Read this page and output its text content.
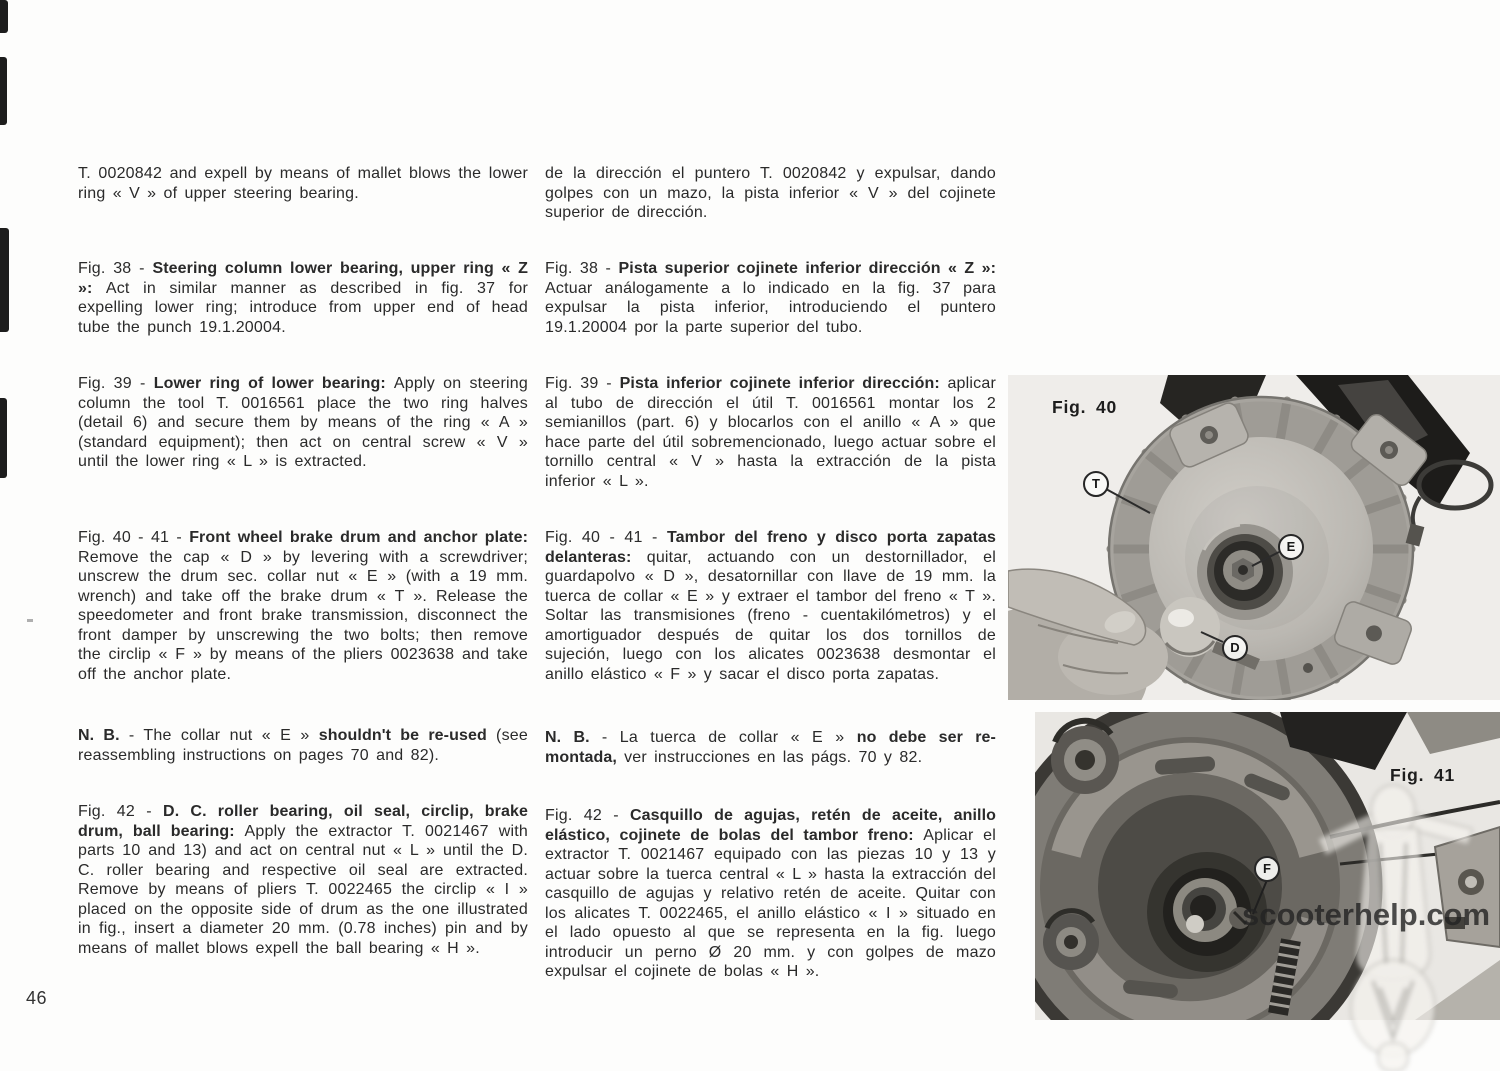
T. 0020842 and expell by means of mallet blows the lower ring « V » of upper steering bearing.

Fig. 38 - Steering column lower bearing, upper ring « Z »: Act in similar manner as described in fig. 37 for expelling lower ring; introduce from upper end of head tube the punch 19.1.20004.

Fig. 39 - Lower ring of lower bearing: Apply on steering column the tool T. 0016561 place the two ring halves (detail 6) and secure them by means of the ring « A » (standard equipment); then act on central screw « V » until the lower ring « L » is extracted.

Fig. 40 - 41 - Front wheel brake drum and anchor plate: Remove the cap « D » by levering with a screwdriver; unscrew the drum sec. collar nut « E » (with a 19 mm. wrench) and take off the brake drum « T ». Release the speedometer and front brake transmission, disconnect the front damper by unscrewing the two bolts; then remove the circlip « F » by means of the pliers 0023638 and take off the anchor plate.

N. B. - The collar nut « E » shouldn't be re-used (see reassembling instructions on pages 70 and 82).

Fig. 42 - D. C. roller bearing, oil seal, circlip, brake drum, ball bearing: Apply the extractor T. 0021467 with parts 10 and 13) and act on central nut « L » until the D. C. roller bearing and respective oil seal are extracted. Remove by means of pliers T. 0022465 the circlip « I » placed on the opposite side of drum as the one illustrated in fig., insert a diameter 20 mm. (0.78 inches) pin and by means of mallet blows expell the ball bearing « H ».

de la dirección el puntero T. 0020842 y expulsar, dando golpes con un mazo, la pista inferior « V » del cojinete superior de dirección.

Fig. 38 - Pista superior cojinete inferior dirección « Z »: Actuar análogamente a lo indicado en la fig. 37 para expulsar la pista inferior, introduciendo el puntero 19.1.20004 por la parte superior del tubo.

Fig. 39 - Pista inferior cojinete inferior dirección: aplicar al tubo de dirección el útil T. 0016561 montar los 2 semianillos (part. 6) y blocarlos con el anillo « A » que hace parte del útil sobremencionado, luego actuar sobre el tornillo central « V » hasta la extracción de la pista inferior « L ».

Fig. 40 - 41 - Tambor del freno y disco porta zapatas delanteras: quitar, actuando con un destornillador, el guardapolvo « D », desatornillar con llave de 19 mm. la tuerca de collar « E » y extraer el tambor del freno « T ». Soltar las transmisiones (freno - cuentakilómetros) y el amortiguador después de quitar los dos tornillos de sujeción, luego con los alicates 0023638 desmontar el anillo elástico « F » y sacar el disco porta zapatas.

N. B. - La tuerca de collar « E » no debe ser re-montada, ver instrucciones en las págs. 70 y 82.

Fig. 42 - Casquillo de agujas, retén de aceite, anillo elástico, cojinete de bolas del tambor freno: Aplicar el extractor T. 0021467 equipado con las piezas 10 y 13 y actuar sobre la tuerca central « L » hasta la extracción del casquillo de agujas y relativo retén de aceite. Quitar con los alicates T. 0022465, el anillo elástico « I » situado en el lado opuesto al que se representa en la fig. luego introducir un perno Ø 20 mm. y con golpes de mazo expulsar el cojinete de bolas « H ».

Fig. 40
T
E
D
Fig. 41
F
scooterhelp.com
46
